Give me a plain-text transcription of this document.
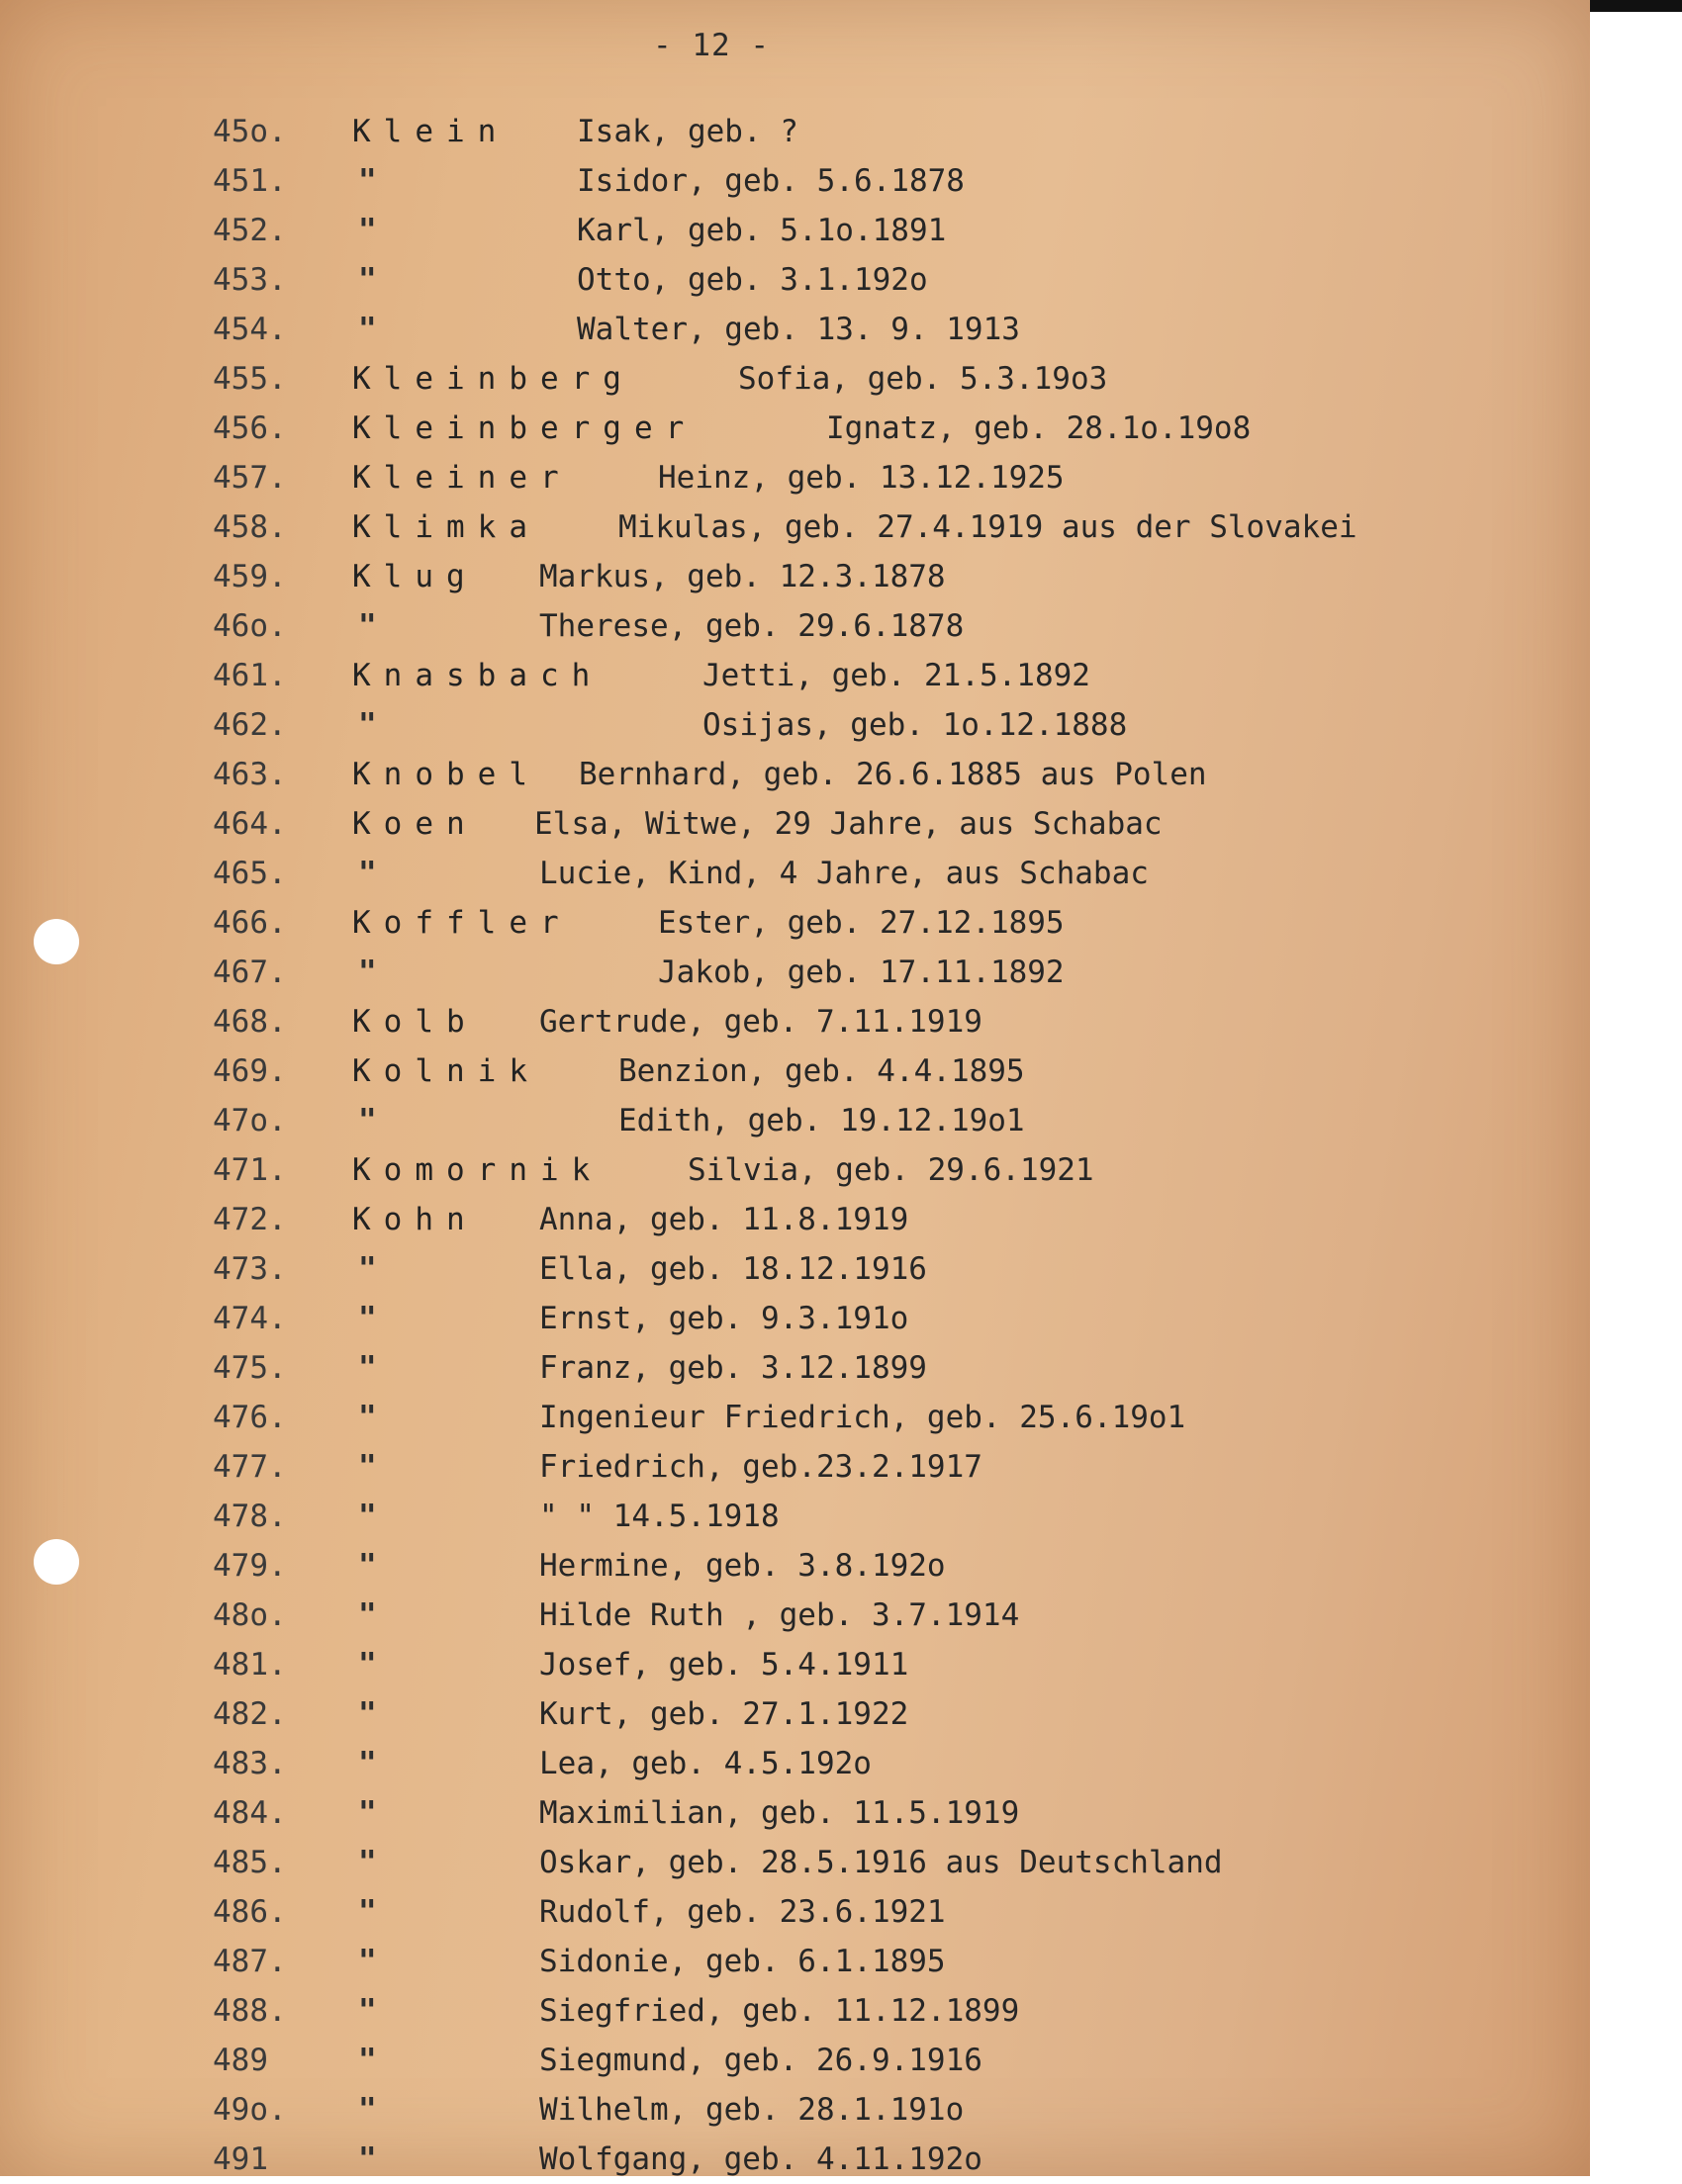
- 12 -
45o. Klein Isak, geb. ?
451. "	Isidor, geb. 5.6.1878
452. "	Karl, geb. 5.1o.1891
453. "	Otto, geb. 3.1.192o
454. "	Walter, geb. 13. 9. 1913
455. Kleinberg	Sofia, geb. 5.3.19o3
456. Kleinberger	Ignatz, geb. 28.1o.19o8
457. Kleiner	Heinz, geb. 13.12.1925
458. Klimka	Mikulas, geb. 27.4.1919 aus der Slovakei
459. Klug Markus, geb. 12.3.1878
46o. "	Therese, geb. 29.6.1878
461. Knasbach	Jetti, geb. 21.5.1892
462. "	Osijas, geb. 1o.12.1888
463. Knobel Bernhard, geb. 26.6.1885 aus Polen
464. Koen Elsa, Witwe, 29 Jahre, aus Schabac
465. "	Lucie, Kind, 4 Jahre, aus Schabac
466. Koffler	Ester, geb. 27.12.1895
467. "	Jakob, geb. 17.11.1892
468. Kolb Gertrude, geb. 7.11.1919
469. Kolnik	Benzion, geb. 4.4.1895
47o. "	Edith, geb. 19.12.19o1
471. Komornik	Silvia, geb. 29.6.1921
472. Kohn Anna, geb. 11.8.1919
473. "	Ella, geb. 18.12.1916
474. "	Ernst, geb. 9.3.191o
475. "	Franz, geb. 3.12.1899
476. "	Ingenieur Friedrich, geb. 25.6.19o1
477. "	Friedrich, geb.23.2.1917
478. "	" " 14.5.1918
479. "	Hermine, geb. 3.8.192o
48o. "	Hilde Ruth , geb. 3.7.1914
481. "	Josef, geb. 5.4.1911
482. "	Kurt, geb. 27.1.1922
483. "	Lea, geb. 4.5.192o
484. "	Maximilian, geb. 11.5.1919
485. "	Oskar, geb. 28.5.1916 aus Deutschland
486. "	Rudolf, geb. 23.6.1921
487. "	Sidonie, geb. 6.1.1895
488. "	Siegfried, geb. 11.12.1899
489	"	Siegmund, geb. 26.9.1916
49o. "	Wilhelm, geb. 28.1.191o
491	"	Wolfgang, geb. 4.11.192o
